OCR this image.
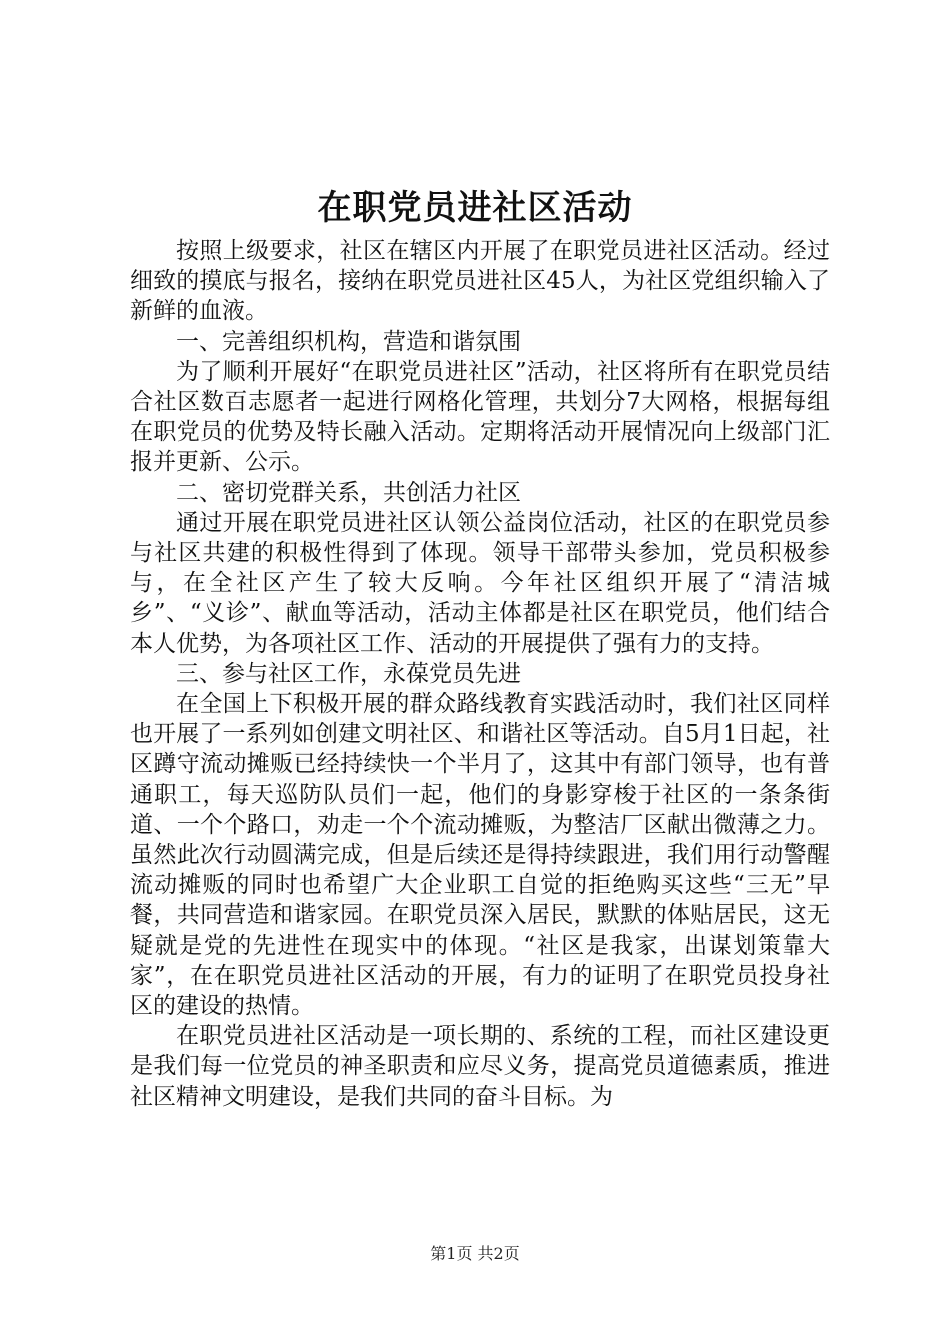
在职党员进社区活动

按照上级要求，社区在辖区内开展了在职党员进社区活动。经过细致的摸底与报名，接纳在职党员进社区45人，为社区党组织输入了新鲜的血液。

一、完善组织机构，营造和谐氛围

为了顺利开展好“在职党员进社区”活动，社区将所有在职党员结合社区数百志愿者一起进行网格化管理，共划分7大网格，根据每组在职党员的优势及特长融入活动。定期将活动开展情况向上级部门汇报并更新、公示。

二、密切党群关系，共创活力社区

通过开展在职党员进社区认领公益岗位活动，社区的在职党员参与社区共建的积极性得到了体现。领导干部带头参加，党员积极参与，在全社区产生了较大反响。今年社区组织开展了“清洁城乡”、“义诊”、献血等活动，活动主体都是社区在职党员，他们结合本人优势，为各项社区工作、活动的开展提供了强有力的支持。

三、参与社区工作，永葆党员先进

在全国上下积极开展的群众路线教育实践活动时，我们社区同样也开展了一系列如创建文明社区、和谐社区等活动。自5月1日起，社区蹲守流动摊贩已经持续快一个半月了，这其中有部门领导，也有普通职工，每天巡防队员们一起，他们的身影穿梭于社区的一条条街道、一个个路口，劝走一个个流动摊贩，为整洁厂区献出微薄之力。虽然此次行动圆满完成，但是后续还是得持续跟进，我们用行动警醒流动摊贩的同时也希望广大企业职工自觉的拒绝购买这些“三无”早餐，共同营造和谐家园。在职党员深入居民，默默的体贴居民，这无疑就是党的先进性在现实中的体现。“社区是我家，出谋划策靠大家”，在在职党员进社区活动的开展，有力的证明了在职党员投身社区的建设的热情。

在职党员进社区活动是一项长期的、系统的工程，而社区建设更是我们每一位党员的神圣职责和应尽义务，提高党员道德素质，推进社区精神文明建设，是我们共同的奋斗目标。为

第1页 共2页
